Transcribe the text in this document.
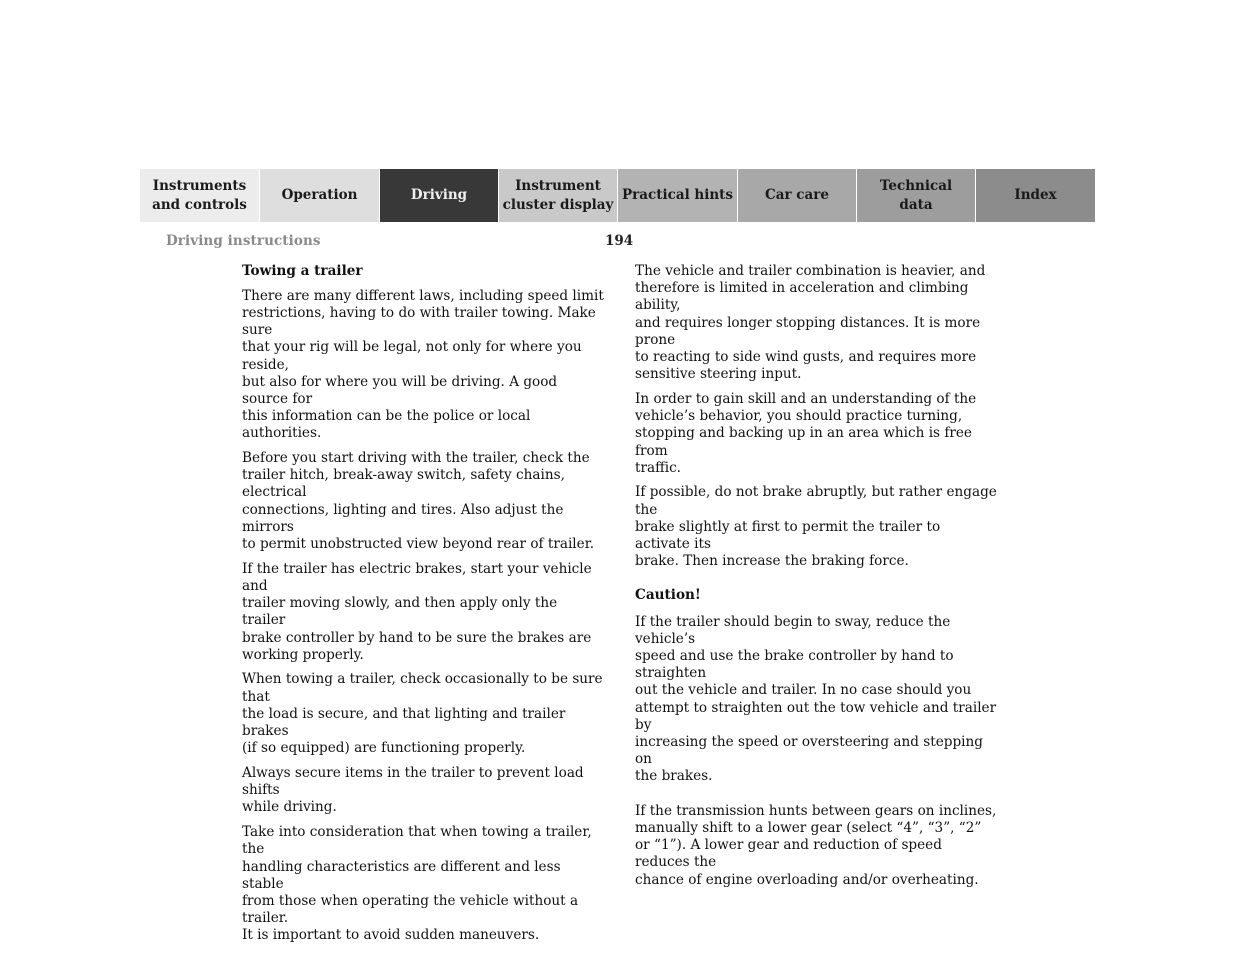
Instruments
and controls
Operation	Driving
Instrument
cluster display
Practical hints	Car care
Technical
data
Index
Driving instructions	194
Towing a trailer

There are many different laws, including speed limit
restrictions, having to do with trailer towing. Make sure
that your rig will be legal, not only for where you reside,
but also for where you will be driving. A good source for
this information can be the police or local authorities.

Before you start driving with the trailer, check the
trailer hitch, break-away switch, safety chains, electrical
connections, lighting and tires. Also adjust the mirrors
to permit unobstructed view beyond rear of trailer.

If the trailer has electric brakes, start your vehicle and
trailer moving slowly, and then apply only the trailer
brake controller by hand to be sure the brakes are
working properly.

When towing a trailer, check occasionally to be sure that
the load is secure, and that lighting and trailer brakes
(if so equipped) are functioning properly.

Always secure items in the trailer to prevent load shifts
while driving.

Take into consideration that when towing a trailer, the
handling characteristics are different and less stable
from those when operating the vehicle without a trailer.
It is important to avoid sudden maneuvers.

The vehicle and trailer combination is heavier, and
therefore is limited in acceleration and climbing ability,
and requires longer stopping distances. It is more prone
to reacting to side wind gusts, and requires more
sensitive steering input.

In order to gain skill and an understanding of the
vehicle’s behavior, you should practice turning,
stopping and backing up in an area which is free from
traffic.

If possible, do not brake abruptly, but rather engage the
brake slightly at first to permit the trailer to activate its
brake. Then increase the braking force.

Caution!

If the trailer should begin to sway, reduce the vehicle’s
speed and use the brake controller by hand to straighten
out the vehicle and trailer. In no case should you
attempt to straighten out the tow vehicle and trailer by
increasing the speed or oversteering and stepping on
the brakes.

If the transmission hunts between gears on inclines,
manually shift to a lower gear (select “4”, “3”, “2”
or “1”). A lower gear and reduction of speed reduces the
chance of engine overloading and/or overheating.
